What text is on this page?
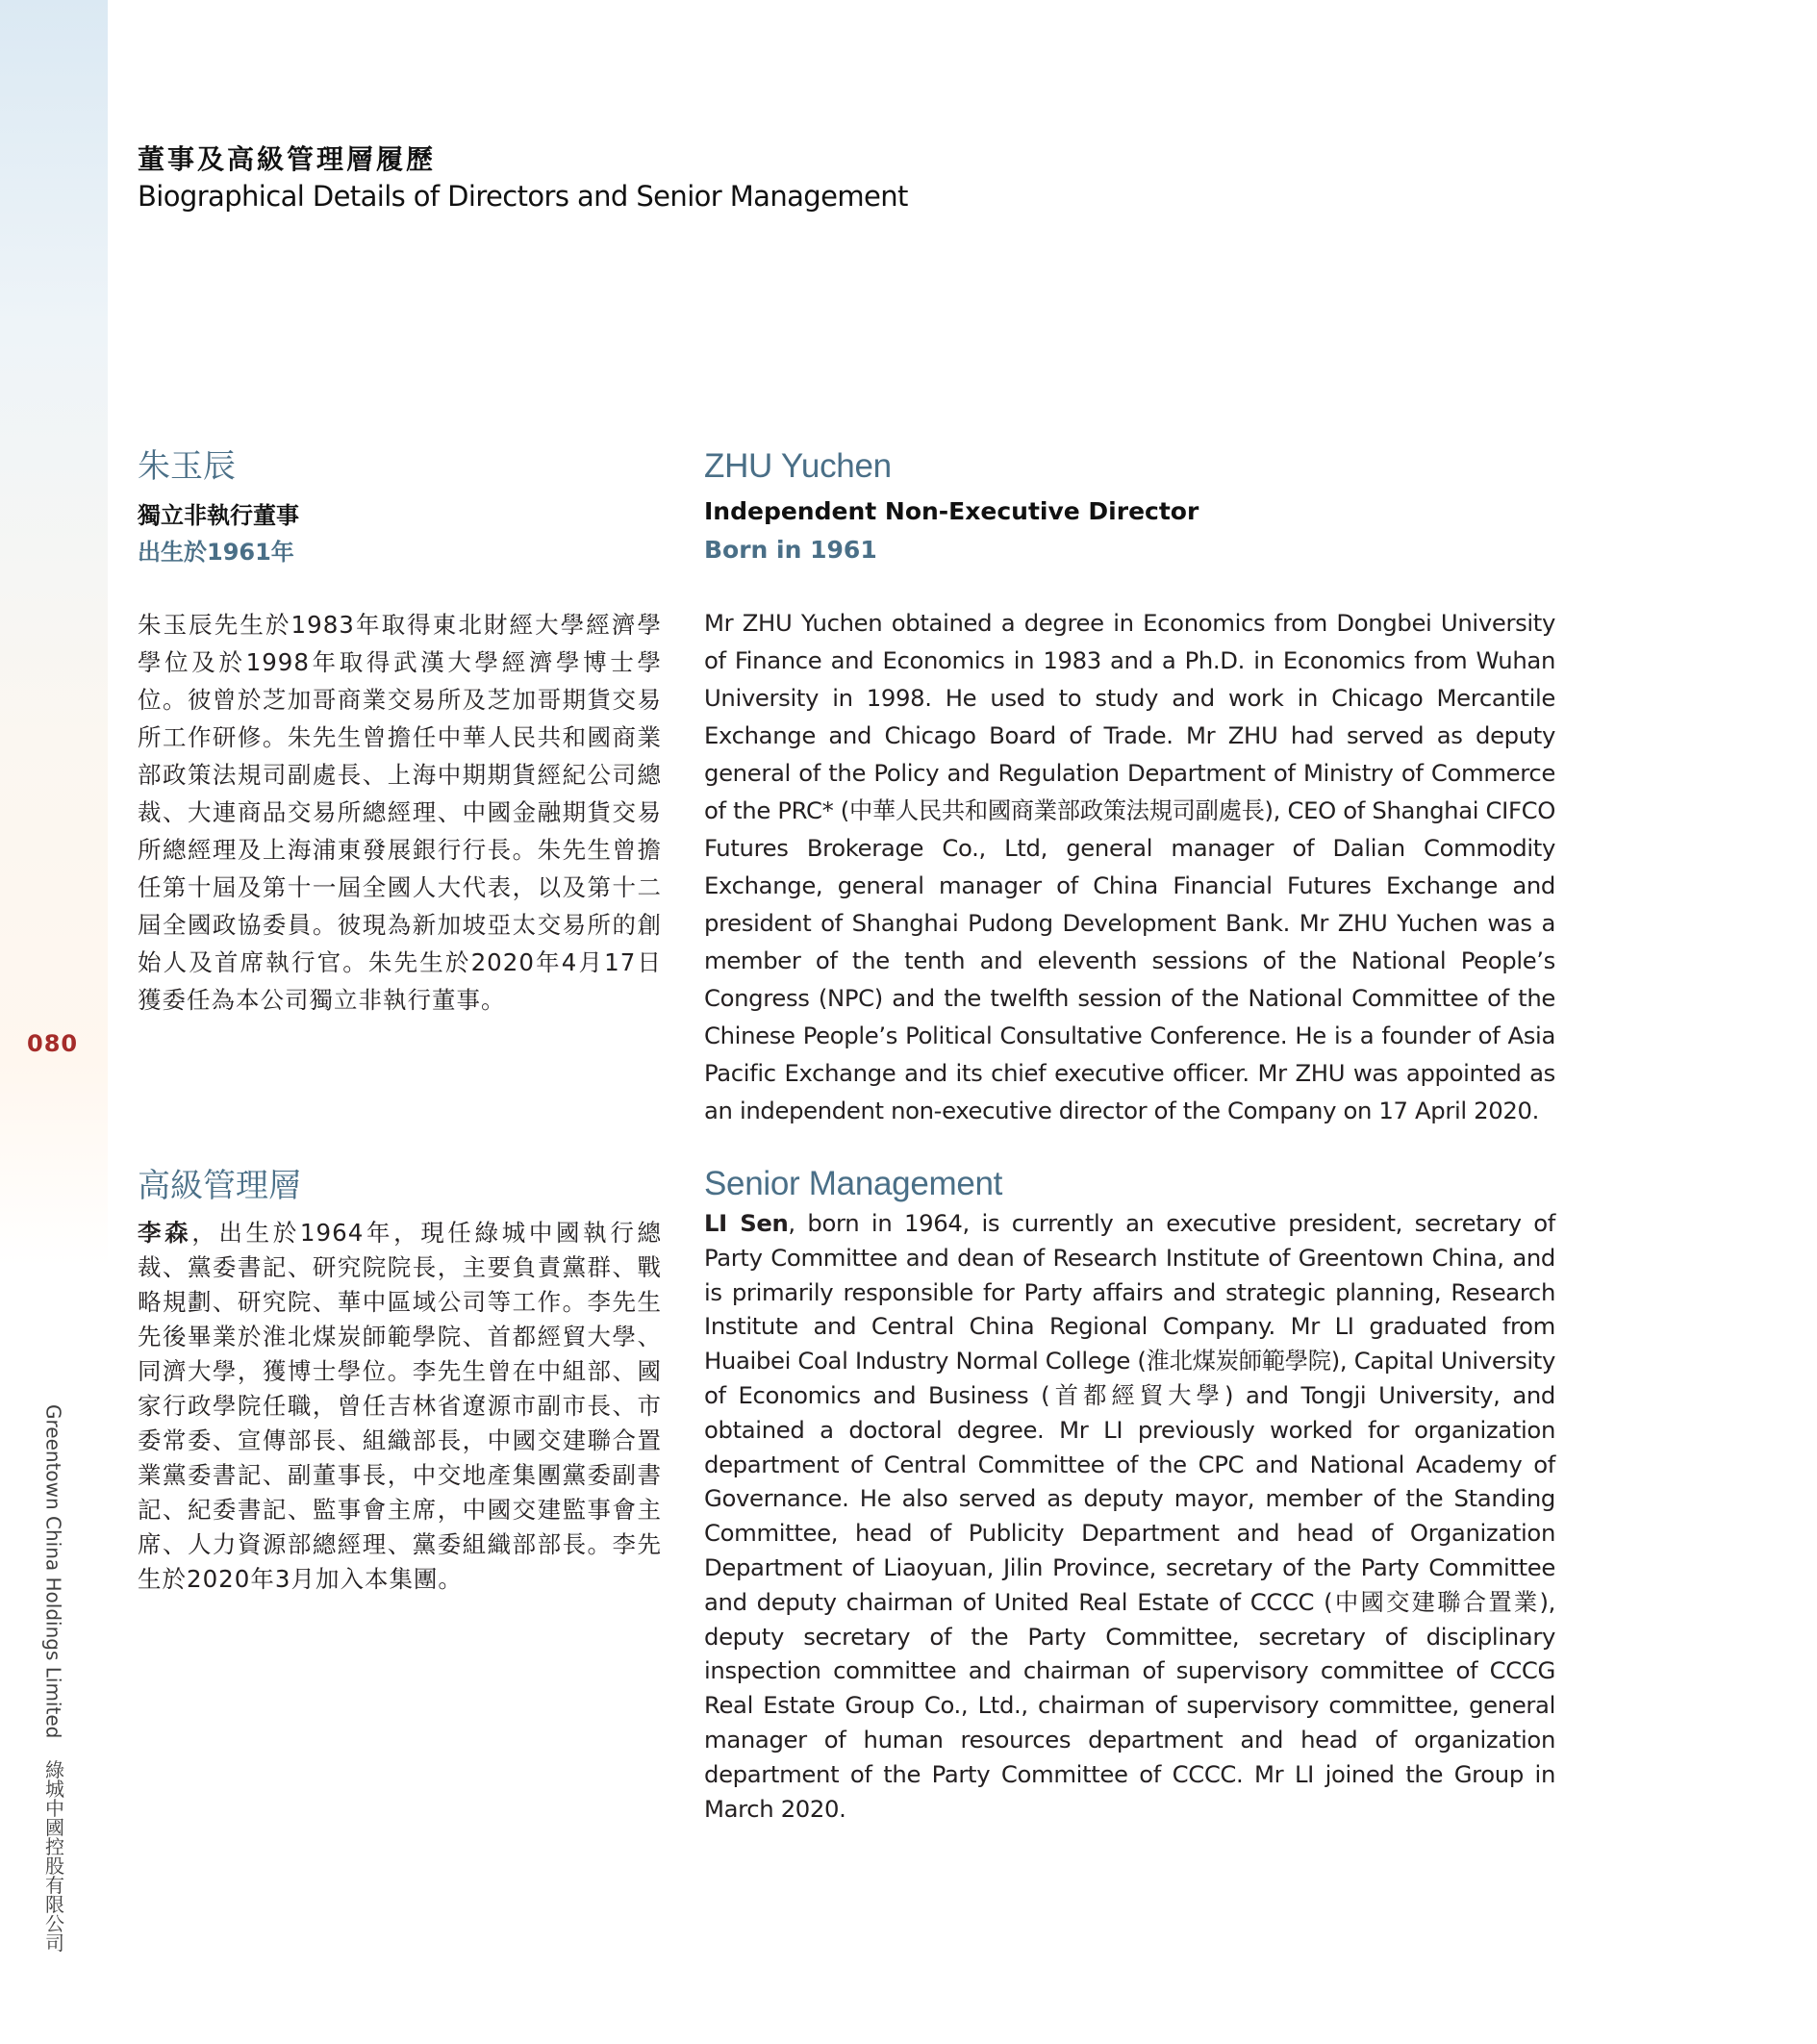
080
Greentown China Holdings Limited綠城中國控股有限公司
董事及高級管理層履歷
Biographical Details of Directors and Senior Management
朱玉辰
獨立非執行董事
出生於1961年
朱玉辰先生於1983年取得東北財經大學經濟學學位及於1998年取得武漢大學經濟學博士學位。彼曾於芝加哥商業交易所及芝加哥期貨交易所工作研修。朱先生曾擔任中華人民共和國商業部政策法規司副處長、上海中期期貨經紀公司總裁、大連商品交易所總經理、中國金融期貨交易所總經理及上海浦東發展銀行行長。朱先生曾擔任第十屆及第十一屆全國人大代表，以及第十二屆全國政協委員。彼現為新加坡亞太交易所的創始人及首席執行官。朱先生於2020年4月17日獲委任為本公司獨立非執行董事。
ZHU Yuchen
Independent Non-Executive Director
Born in 1961
Mr ZHU Yuchen obtained a degree in Economics from Dongbei University of Finance and Economics in 1983 and a Ph.D. in Economics from Wuhan University in 1998. He used to study and work in Chicago Mercantile Exchange and Chicago Board of Trade. Mr ZHU had served as deputy general of the Policy and Regulation Department of Ministry of Commerce of the PRC* (中華人民共和國商業部政策法規司副處長), CEO of Shanghai CIFCO Futures Brokerage Co., Ltd, general manager of Dalian Commodity Exchange, general manager of China Financial Futures Exchange and president of Shanghai Pudong Development Bank. Mr ZHU Yuchen was a member of the tenth and eleventh sessions of the National People’s Congress (NPC) and the twelfth session of the National Committee of the Chinese People’s Political Consultative Conference. He is a founder of Asia Pacific Exchange and its chief executive officer. Mr ZHU was appointed as an independent non-executive director of the Company on 17 April 2020.
高級管理層
李森，出生於1964年，現任綠城中國執行總裁、黨委書記、研究院院長，主要負責黨群、戰略規劃、研究院、華中區域公司等工作。李先生先後畢業於淮北煤炭師範學院、首都經貿大學、同濟大學，獲博士學位。李先生曾在中組部、國家行政學院任職，曾任吉林省遼源市副市長、市委常委、宣傳部長、組織部長，中國交建聯合置業黨委書記、副董事長，中交地產集團黨委副書記、紀委書記、監事會主席，中國交建監事會主席、人力資源部總經理、黨委組織部部長。李先生於2020年3月加入本集團。
Senior Management
LI Sen, born in 1964, is currently an executive president, secretary of Party Committee and dean of Research Institute of Greentown China, and is primarily responsible for Party affairs and strategic planning, Research Institute and Central China Regional Company. Mr LI graduated from Huaibei Coal Industry Normal College (淮北煤炭師範學院), Capital University of Economics and Business (首都經貿大學) and Tongji University, and obtained a doctoral degree. Mr LI previously worked for organization department of Central Committee of the CPC and National Academy of Governance. He also served as deputy mayor, member of the Standing Committee, head of Publicity Department and head of Organization Department of Liaoyuan, Jilin Province, secretary of the Party Committee and deputy chairman of United Real Estate of CCCC (中國交建聯合置業), deputy secretary of the Party Committee, secretary of disciplinary inspection committee and chairman of supervisory committee of CCCG Real Estate Group Co., Ltd., chairman of supervisory committee, general manager of human resources department and head of organization department of the Party Committee of CCCC. Mr LI joined the Group in March 2020.
